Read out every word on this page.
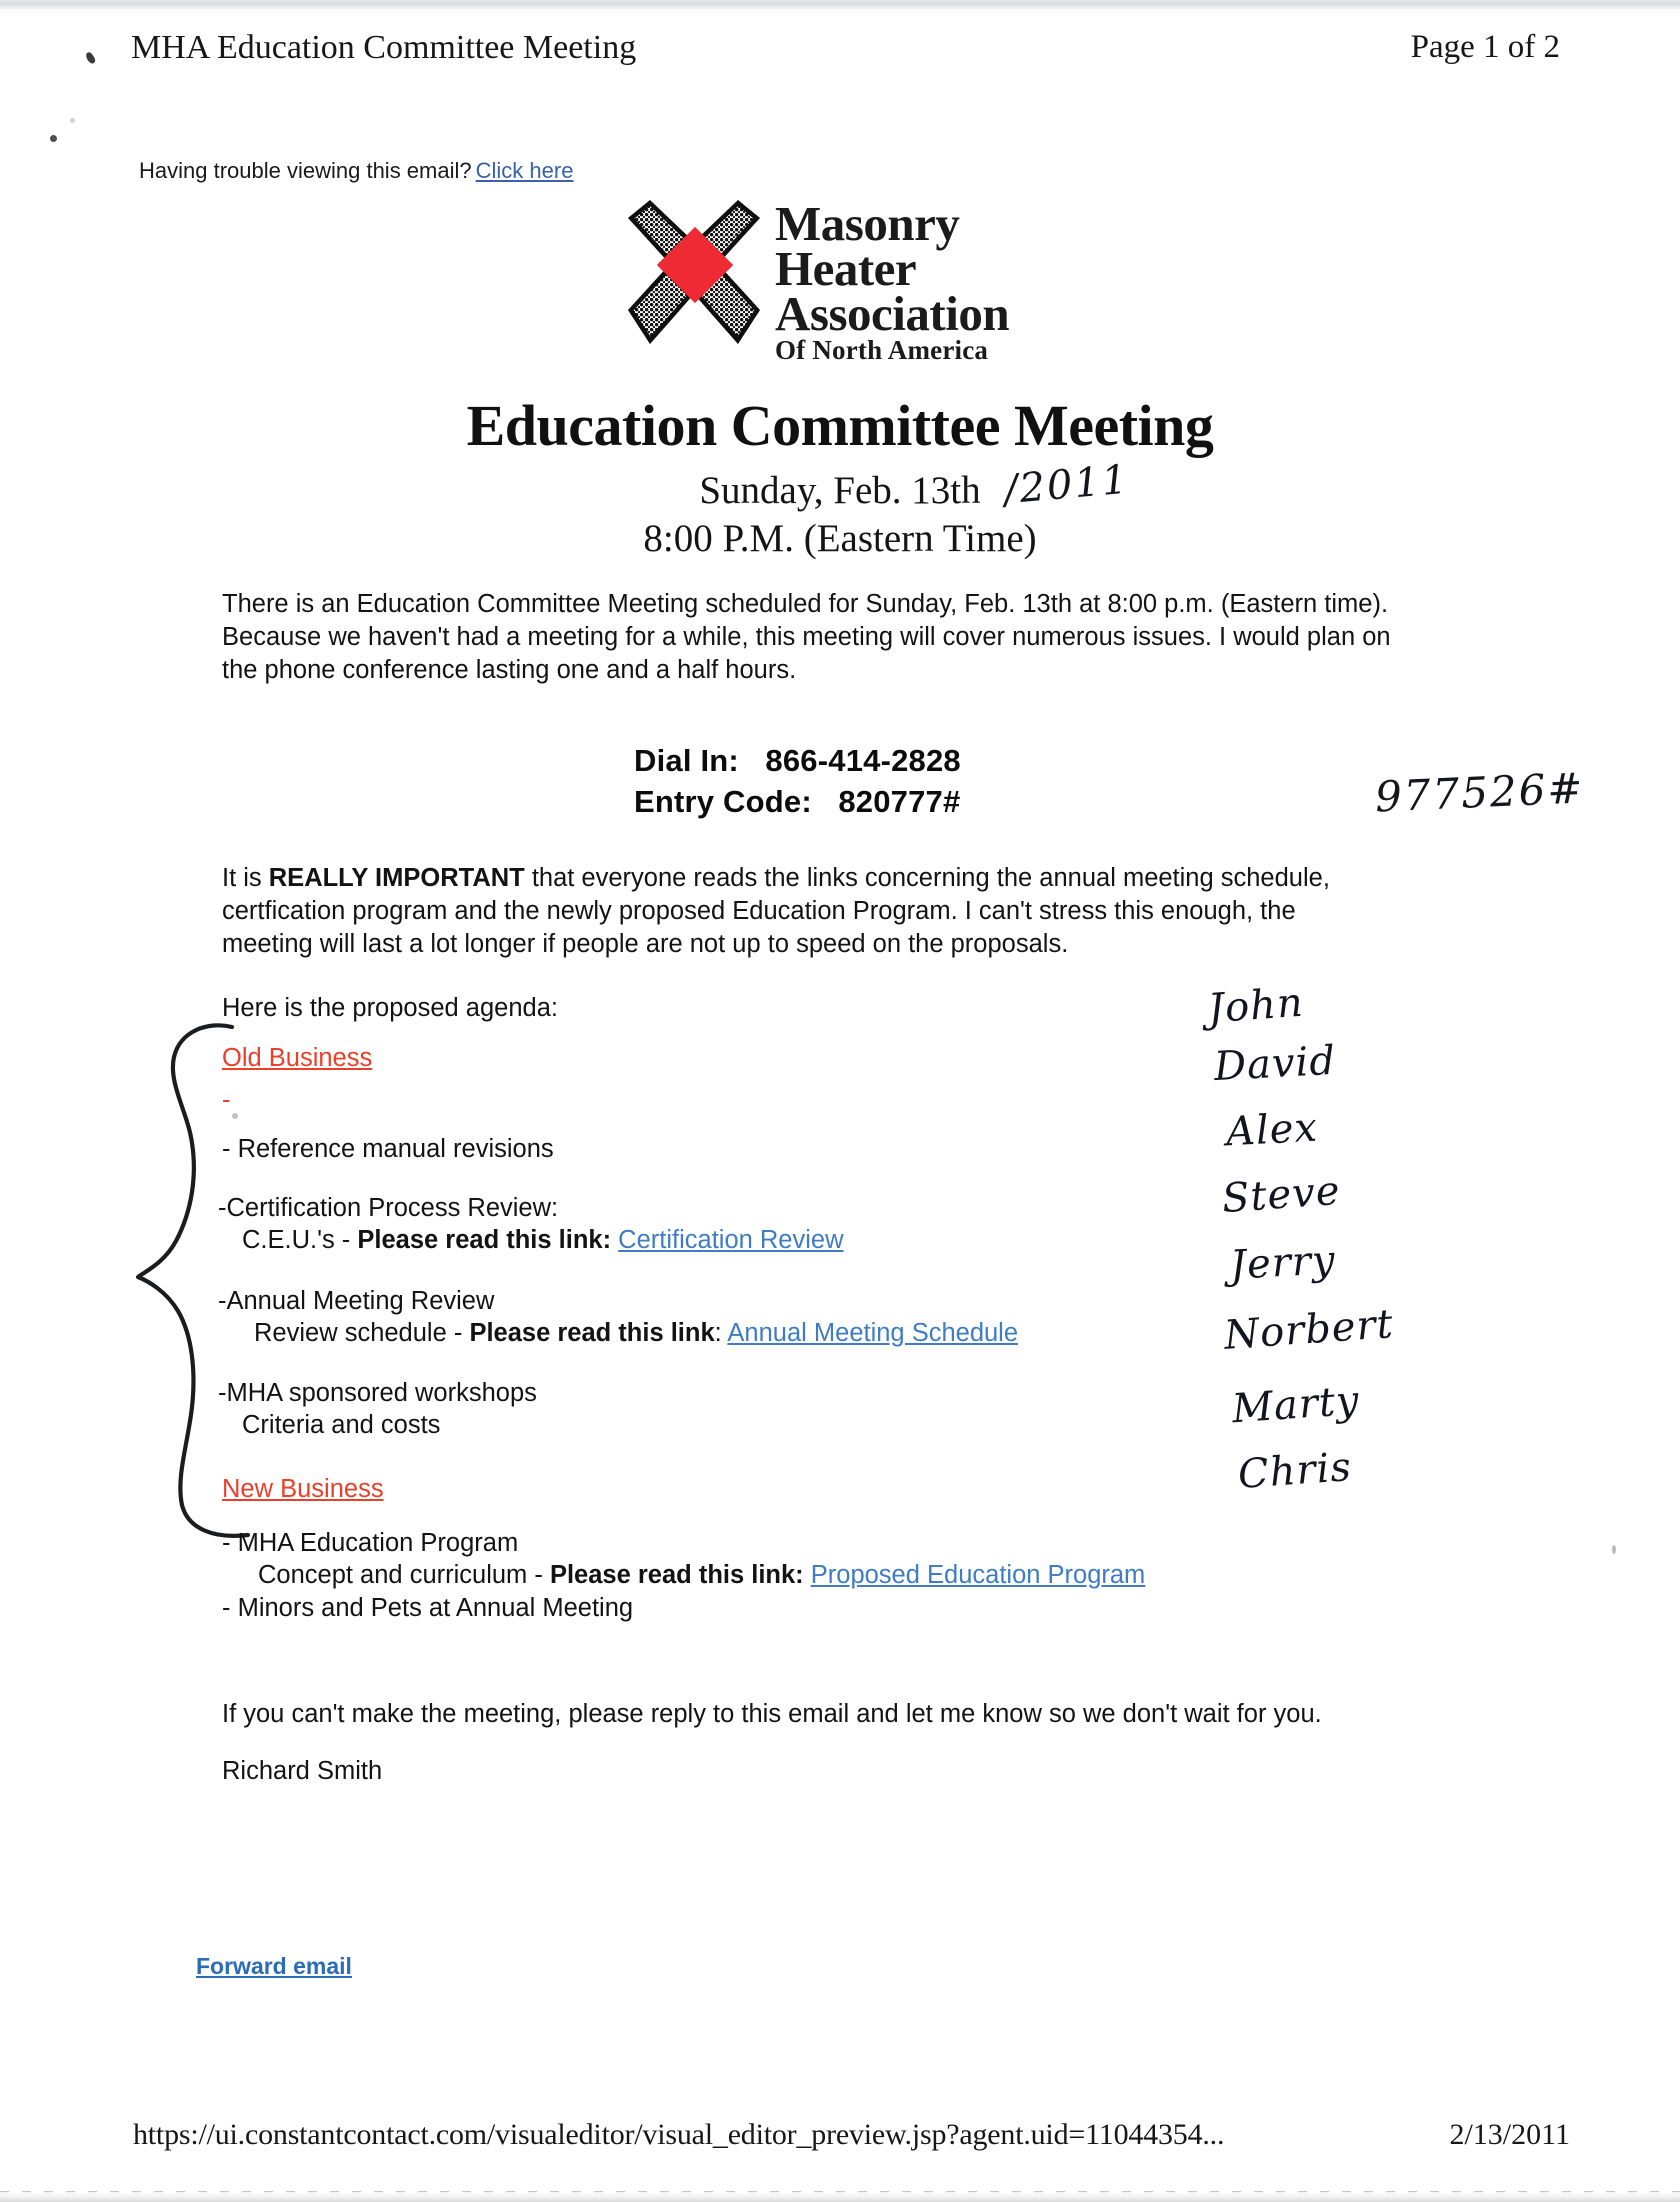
MHA Education Committee Meeting	Page 1 of 2
Having trouble viewing this email? Click here
Masonry
Heater
Association
Of North America
Education Committee Meeting
Sunday, Feb. 13th
8:00 P.M. (Eastern Time)
/2011
There is an Education Committee Meeting scheduled for Sunday, Feb. 13th at 8:00 p.m. (Eastern time). Because we haven't had a meeting for a while, this meeting will cover numerous issues. I would plan on the phone conference lasting one and a half hours.
Dial In: 866-414-2828
Entry Code: 820777#	977526#
It is REALLY IMPORTANT that everyone reads the links concerning the annual meeting schedule, certfication program and the newly proposed Education Program. I can't stress this enough, the meeting will last a lot longer if people are not up to speed on the proposals.
Here is the proposed agenda:
Old Business
-
- Reference manual revisions
-Certification Process Review:
C.E.U.'s - Please read this link: Certification Review
-Annual Meeting Review
Review schedule - Please read this link: Annual Meeting Schedule
-MHA sponsored workshops
Criteria and costs
New Business
- MHA Education Program
Concept and curriculum - Please read this link: Proposed Education Program
- Minors and Pets at Annual Meeting
John
David
Alex
Steve
Jerry
Norbert
Marty
Chris
If you can't make the meeting, please reply to this email and let me know so we don't wait for you.
Richard Smith
Forward email
https://ui.constantcontact.com/visualeditor/visual_editor_preview.jsp?agent.uid=11044354...	2/13/2011
